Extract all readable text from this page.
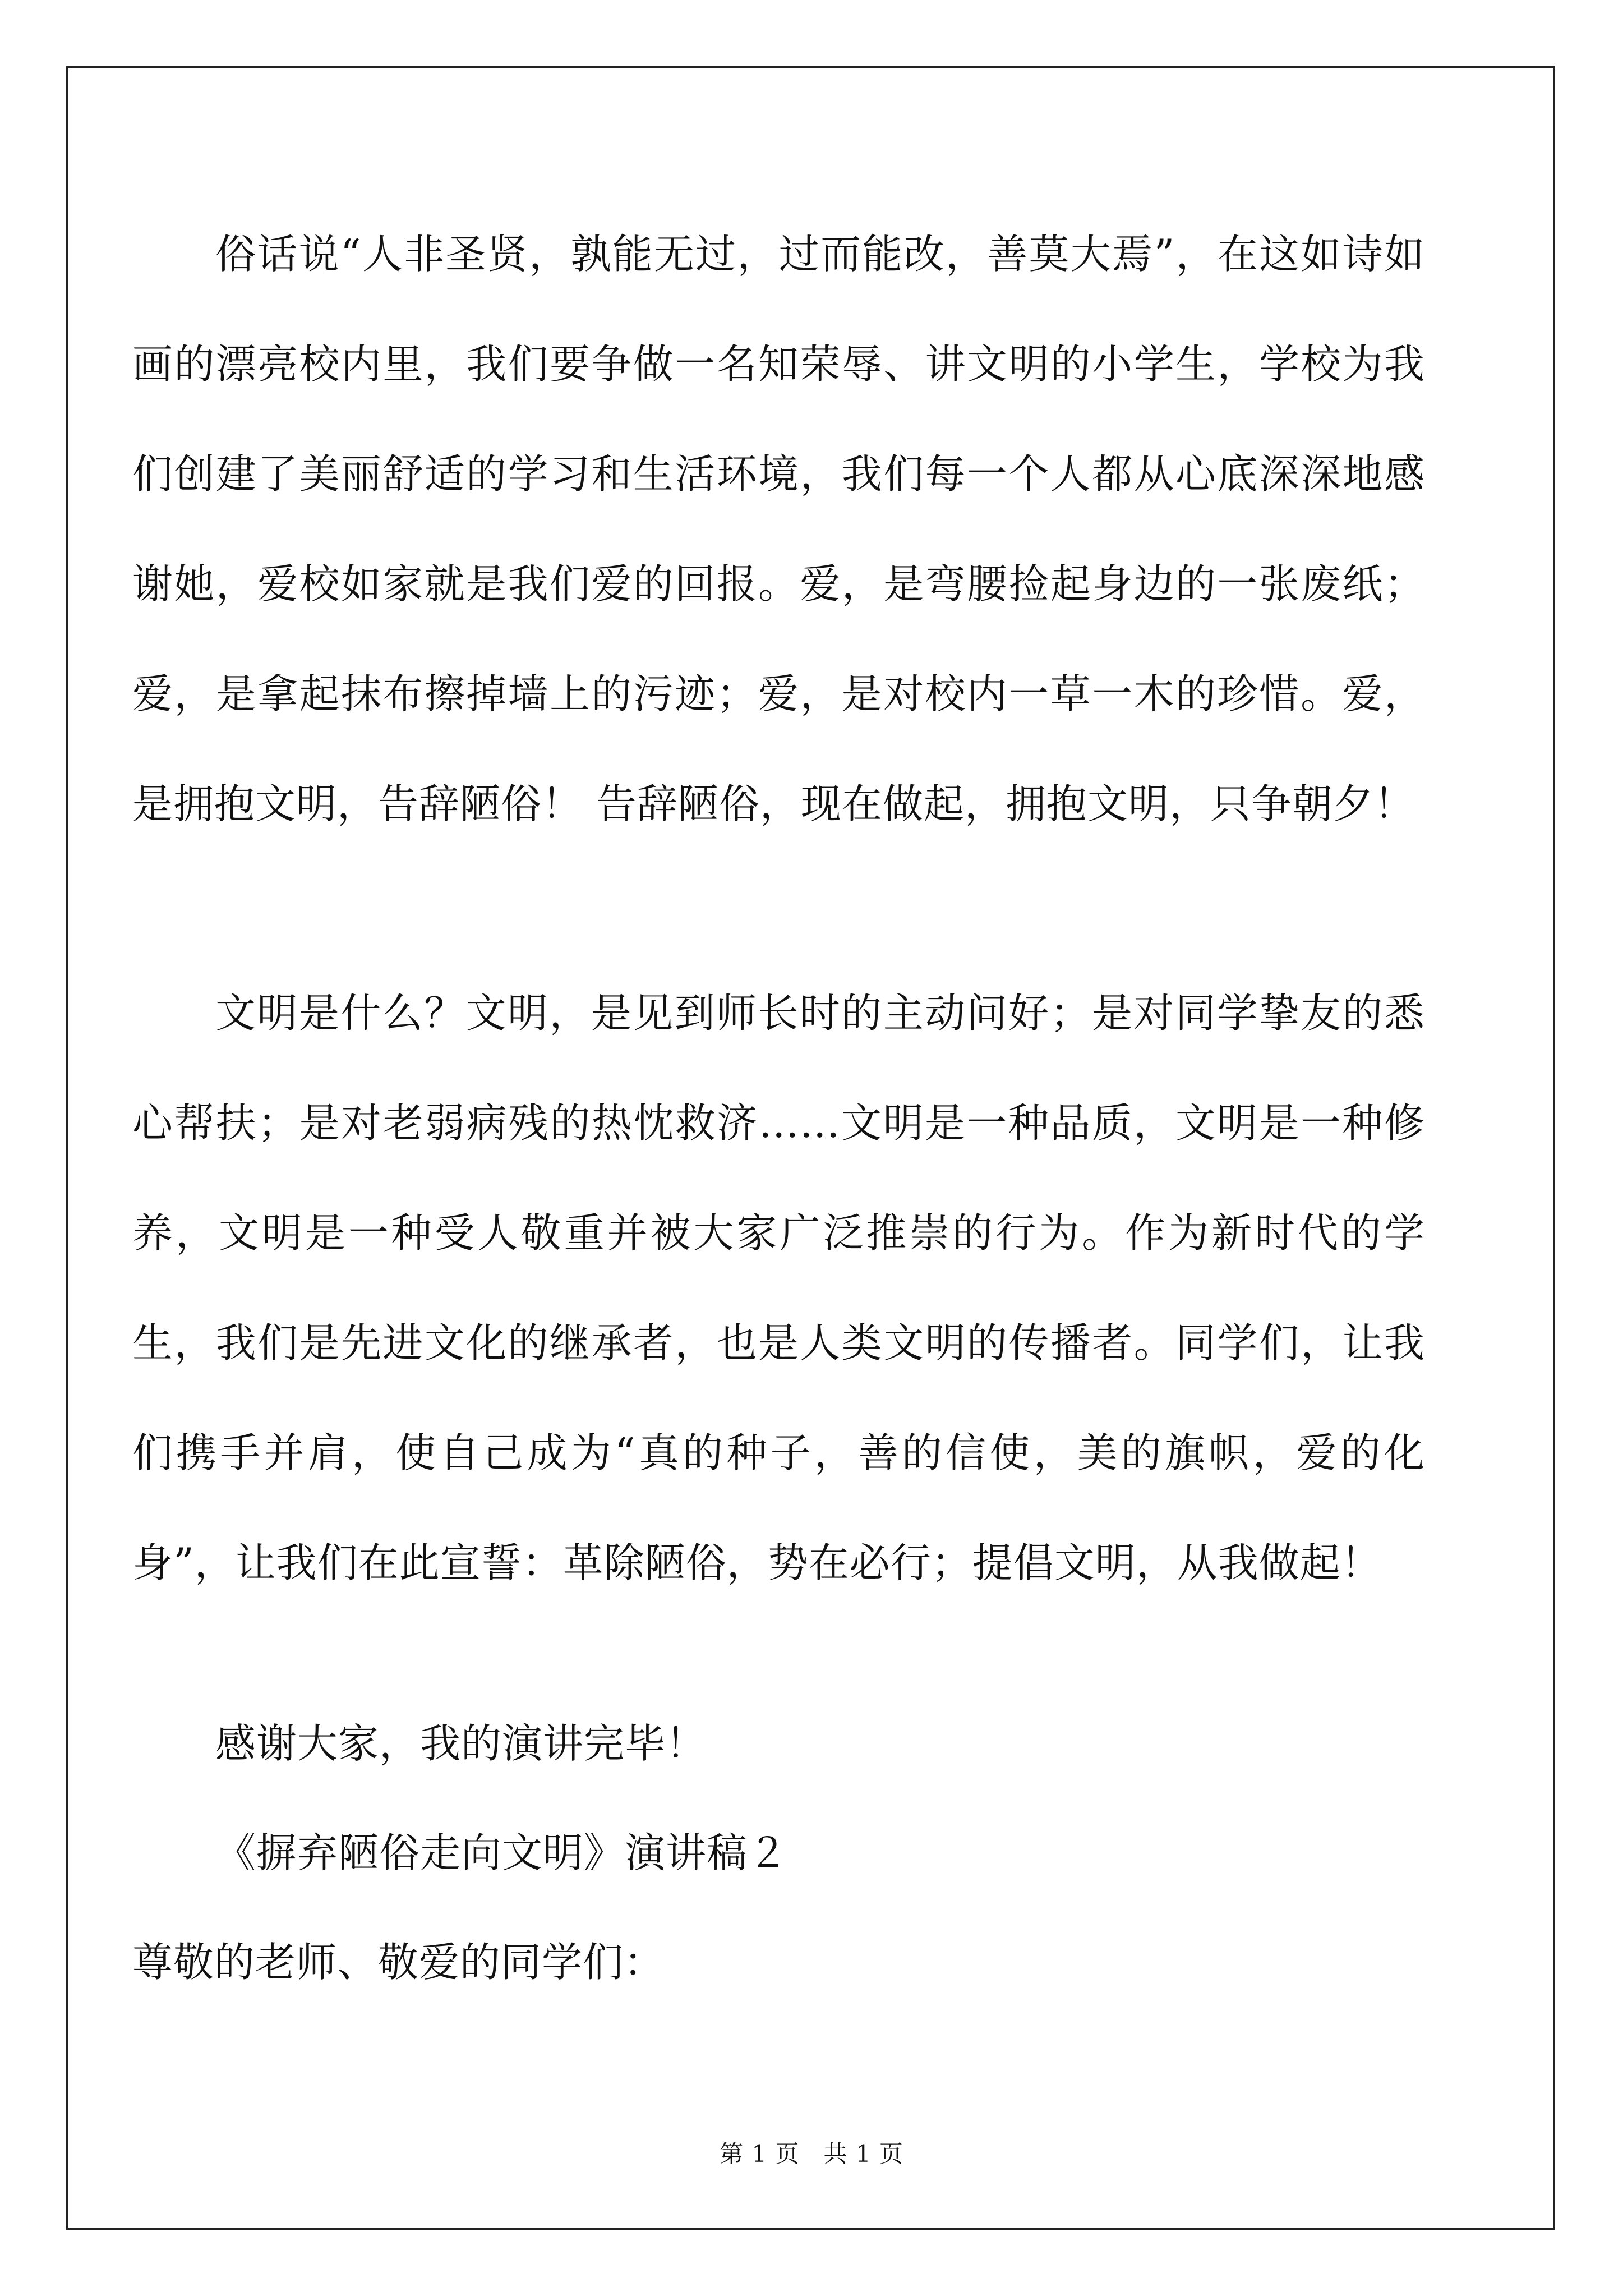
俗话说“人非圣贤，孰能无过，过而能改，善莫大焉”，在这如诗如画的漂亮校内里，我们要争做一名知荣辱、讲文明的小学生，学校为我们创建了美丽舒适的学习和生活环境，我们每一个人都从心底深深地感谢她，爱校如家就是我们爱的回报。爱，是弯腰捡起身边的一张废纸；爱，是拿起抹布擦掉墙上的污迹；爱，是对校内一草一木的珍惜。爱，是拥抱文明，告辞陋俗！ 告辞陋俗，现在做起，拥抱文明，只争朝夕！

文明是什么？文明，是见到师长时的主动问好；是对同学挚友的悉心帮扶；是对老弱病残的热忱救济……文明是一种品质，文明是一种修养，文明是一种受人敬重并被大家广泛推崇的行为。作为新时代的学生，我们是先进文化的继承者，也是人类文明的传播者。同学们，让我们携手并肩，使自己成为“真的种子，善的信使，美的旗帜，爱的化身”，让我们在此宣誓：革除陋俗，势在必行；提倡文明，从我做起！

感谢大家，我的演讲完毕！

《摒弃陋俗走向文明》演讲稿２

尊敬的老师、敬爱的同学们：

第 1 页　共 1 页
